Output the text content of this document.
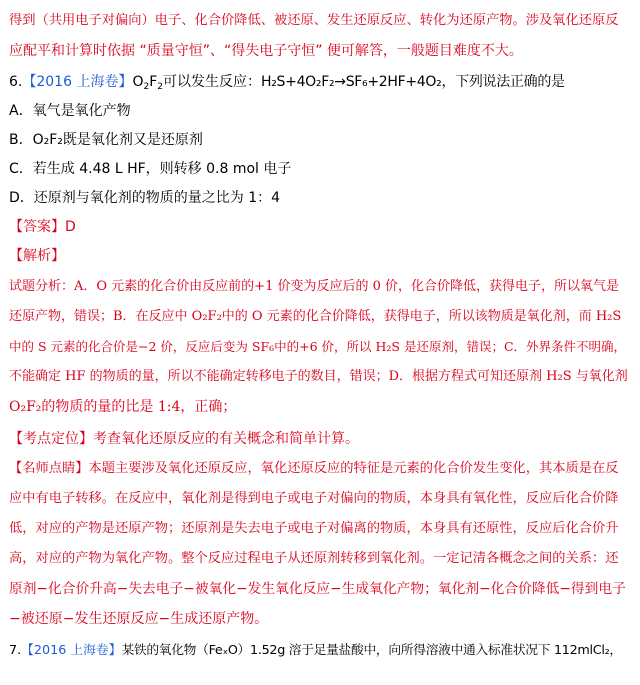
得到（共用电子对偏向）电子、化合价降低、被还原、发生还原反应、转化为还原产物。涉及氧化还原反
应配平和计算时依据 “质量守恒”、“得失电子守恒” 便可解答，一般题目难度不大。
6.【2016 上海卷】$O_2F_2$可以发生反应：H₂S+4O₂F₂→SF₆+2HF+4O₂，下列说法正确的是
A．氧气是氧化产物
B．O₂F₂既是氧化剂又是还原剂
C．若生成 4.48 L HF，则转移 0.8 mol 电子
D．还原剂与氧化剂的物质的量之比为 1：4
【答案】D
【解析】
试题分析：A．O 元素的化合价由反应前的+1 价变为反应后的 0 价，化合价降低，获得电子，所以氧气是
还原产物，错误；B．在反应中 O₂F₂中的 O 元素的化合价降低，获得电子，所以该物质是氧化剂，而 H₂S
中的 S 元素的化合价是−2 价，反应后变为 SF₆中的+6 价，所以 H₂S 是还原剂，错误；C．外界条件不明确，
不能确定 HF 的物质的量，所以不能确定转移电子的数目，错误；D．根据方程式可知还原剂 H₂S 与氧化剂
O₂F₂的物质的量的比是 1:4，正确；
【考点定位】考查氧化还原反应的有关概念和简单计算。
【名师点睛】本题主要涉及氧化还原反应，氧化还原反应的特征是元素的化合价发生变化，其本质是在反
应中有电子转移。在反应中，氧化剂是得到电子或电子对偏向的物质，本身具有氧化性，反应后化合价降
低，对应的产物是还原产物；还原剂是失去电子或电子对偏离的物质，本身具有还原性，反应后化合价升
高，对应的产物为氧化产物。整个反应过程电子从还原剂转移到氧化剂。一定记清各概念之间的关系：还
原剂−化合价升高−失去电子−被氧化−发生氧化反应−生成氧化产物；氧化剂−化合价降低−得到电子
−被还原−发生还原反应−生成还原产物。
7.【2016 上海卷】某铁的氧化物（FeₓO）1.52g 溶于足量盐酸中，向所得溶液中通入标准状况下 112mlCl₂，
